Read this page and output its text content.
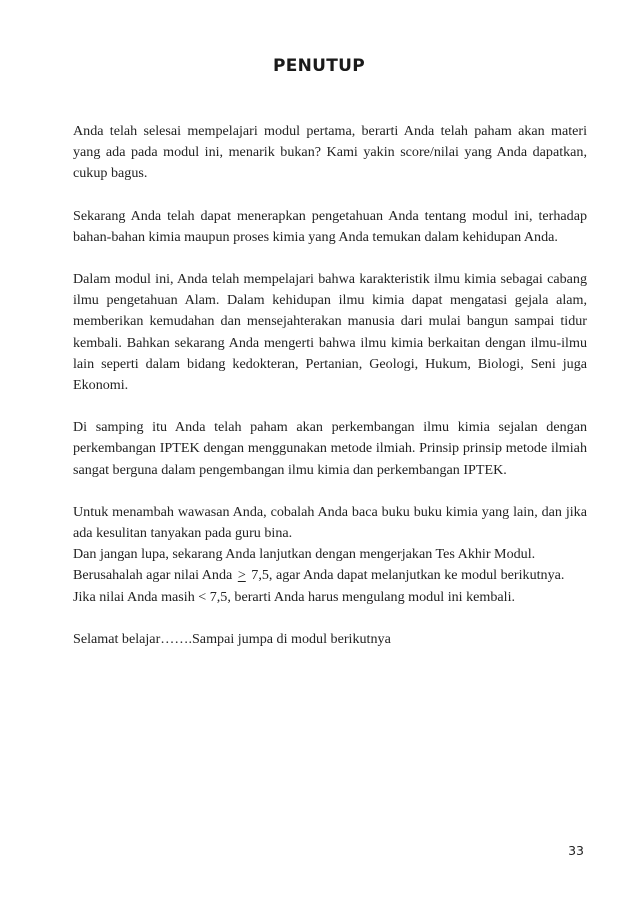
PENUTUP

Anda telah selesai mempelajari modul pertama, berarti Anda telah paham akan materi yang ada pada modul ini, menarik bukan? Kami yakin score/nilai yang Anda dapatkan, cukup bagus.

Sekarang Anda telah dapat menerapkan pengetahuan Anda tentang modul ini, terhadap bahan-bahan kimia maupun proses kimia yang Anda temukan dalam kehidupan Anda.

Dalam modul ini, Anda telah mempelajari bahwa karakteristik ilmu kimia sebagai cabang ilmu pengetahuan Alam. Dalam kehidupan ilmu kimia dapat mengatasi gejala alam, memberikan kemudahan dan mensejahterakan manusia dari mulai bangun sampai tidur kembali. Bahkan sekarang Anda mengerti bahwa ilmu kimia berkaitan dengan ilmu-ilmu lain seperti dalam bidang kedokteran, Pertanian, Geologi, Hukum, Biologi, Seni juga Ekonomi.

Di samping itu Anda telah paham akan perkembangan ilmu kimia sejalan dengan perkembangan IPTEK dengan menggunakan metode ilmiah. Prinsip prinsip metode ilmiah sangat berguna dalam pengembangan ilmu kimia dan perkembangan IPTEK.

Untuk menambah wawasan Anda, cobalah Anda baca buku buku kimia yang lain, dan jika ada kesulitan tanyakan pada guru bina.

Dan jangan lupa, sekarang Anda lanjutkan dengan mengerjakan Tes Akhir Modul.

Berusahalah agar nilai Anda ≥ 7,5, agar Anda dapat melanjutkan ke modul berikutnya.

Jika nilai Anda masih < 7,5, berarti Anda harus mengulang modul ini kembali.

Selamat belajar…….Sampai jumpa di modul berikutnya

33
